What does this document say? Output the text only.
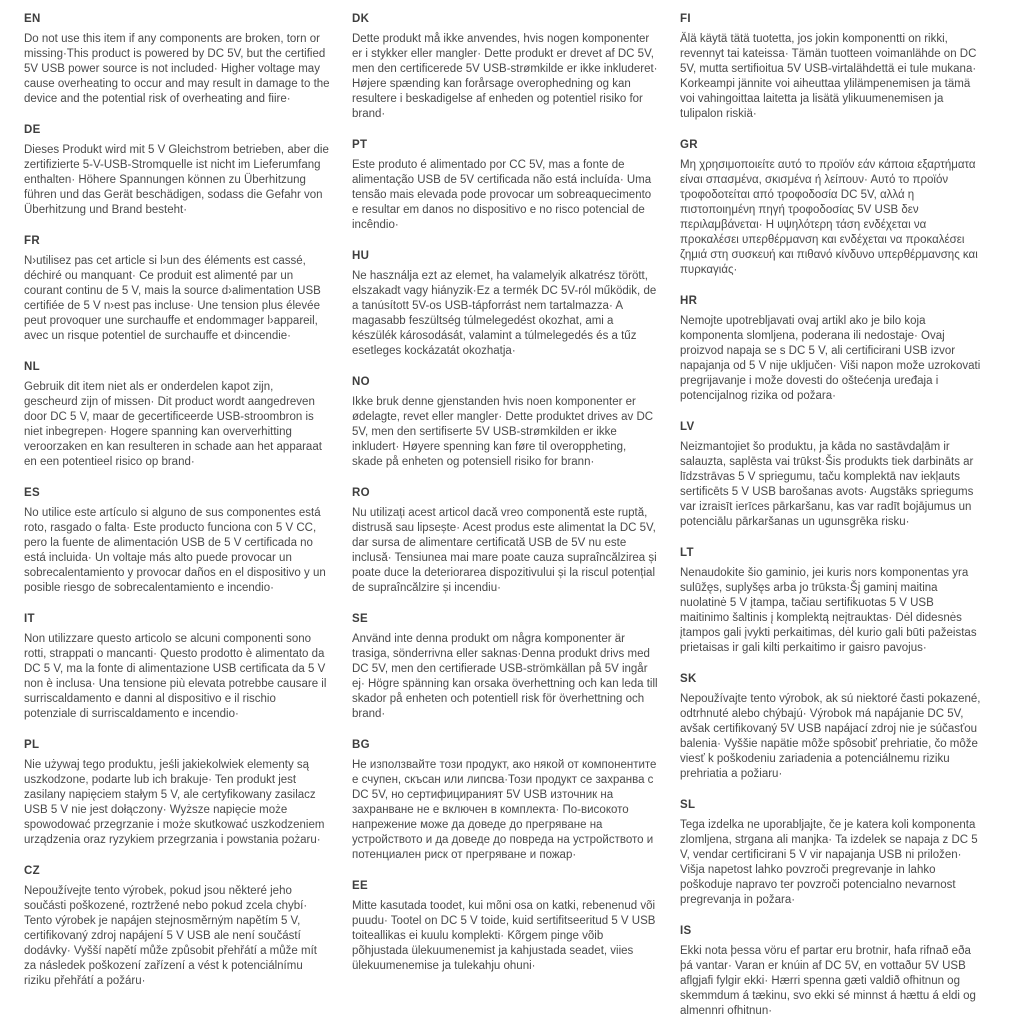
EN

Do not use this item if any components are broken, torn or missing·This product is powered by DC 5V, but the certified 5V USB power source is not included· Higher voltage may cause overheating to occur and may result in damage to the device and the potential risk of overheating and fiire·

DE

Dieses Produkt wird mit 5 V Gleichstrom betrieben, aber die zertifizierte 5-V-USB-Stromquelle ist nicht im Lieferumfang enthalten· Höhere Spannungen können zu Überhitzung führen und das Gerät beschädigen, sodass die Gefahr von Überhitzung und Brand besteht·

FR

N›utilisez pas cet article si l›un des éléments est cassé, déchiré ou manquant· Ce produit est alimenté par un courant continu de 5 V, mais la source d›alimentation USB certifiée de 5 V n›est pas incluse· Une tension plus élevée peut provoquer une surchauffe et endommager l›appareil, avec un risque potentiel de surchauffe et d›incendie·

NL

Gebruik dit item niet als er onderdelen kapot zijn, gescheurd zijn of missen· Dit product wordt aangedreven door DC 5 V, maar de gecertificeerde USB-stroombron is niet inbegrepen· Hogere spanning kan oververhitting veroorzaken en kan resulteren in schade aan het apparaat en een potentieel risico op brand·

ES

No utilice este artículo si alguno de sus componentes está roto, rasgado o falta· Este producto funciona con 5 V CC, pero la fuente de alimentación USB de 5 V certificada no está incluida· Un voltaje más alto puede provocar un sobrecalentamiento y provocar daños en el dispositivo y un posible riesgo de sobrecalentamiento e incendio·

IT

Non utilizzare questo articolo se alcuni componenti sono rotti, strappati o mancanti· Questo prodotto è alimentato da DC 5 V, ma la fonte di alimentazione USB certificata da 5 V non è inclusa· Una tensione più elevata potrebbe causare il surriscaldamento e danni al dispositivo e il rischio potenziale di surriscaldamento e incendio·

PL

Nie używaj tego produktu, jeśli jakiekolwiek elementy są uszkodzone, podarte lub ich brakuje· Ten produkt jest zasilany napięciem stałym 5 V, ale certyfikowany zasilacz USB 5 V nie jest dołączony· Wyższe napięcie może spowodować przegrzanie i może skutkować uszkodzeniem urządzenia oraz ryzykiem przegrzania i powstania pożaru·

CZ

Nepoužívejte tento výrobek, pokud jsou některé jeho součásti poškozené, roztržené nebo pokud zcela chybí· Tento výrobek je napájen stejnosměrným napětím 5 V, certifikovaný zdroj napájení 5 V USB ale není součástí dodávky· Vyšší napětí může způsobit přehřátí a může mít za následek poškození zařízení a vést k potenciálnímu riziku přehřátí a požáru·

DK

Dette produkt må ikke anvendes, hvis nogen komponenter er i stykker eller mangler· Dette produkt er drevet af DC 5V, men den certificerede 5V USB-strømkilde er ikke inkluderet· Højere spænding kan forårsage overophedning og kan resultere i beskadigelse af enheden og potentiel risiko for brand·

PT

Este produto é alimentado por CC 5V, mas a fonte de alimentação USB de 5V certificada não está incluída· Uma tensão mais elevada pode provocar um sobreaquecimento e resultar em danos no dispositivo e no risco potencial de incêndio·

HU

Ne használja ezt az elemet, ha valamelyik alkatrész törött, elszakadt vagy hiányzik·Ez a termék DC 5V-ról működik, de a tanúsított 5V-os USB-tápforrást nem tartalmazza· A magasabb feszültség túlmelegedést okozhat, ami a készülék károsodását, valamint a túlmelegedés és a tűz esetleges kockázatát okozhatja·

NO

Ikke bruk denne gjenstanden hvis noen komponenter er ødelagte, revet eller mangler· Dette produktet drives av DC 5V, men den sertifiserte 5V USB-strømkilden er ikke inkludert· Høyere spenning kan føre til overoppheting, skade på enheten og potensiell risiko for brann·

RO

Nu utilizați acest articol dacă vreo componentă este ruptă, distrusă sau lipsește· Acest produs este alimentat la DC 5V, dar sursa de alimentare certificată USB de 5V nu este inclusă· Tensiunea mai mare poate cauza supraîncălzirea și poate duce la deteriorarea dispozitivului și la riscul potențial de supraîncălzire și incendiu·

SE

Använd inte denna produkt om några komponenter är trasiga, sönderrivna eller saknas·Denna produkt drivs med DC 5V, men den certifierade USB-strömkällan på 5V ingår ej· Högre spänning kan orsaka överhettning och kan leda till skador på enheten och potentiell risk för överhettning och brand·

BG

Не използвайте този продукт, ако някой от компонентите е счупен, скъсан или липсва·Този продукт се захранва с DC 5V, но сертифицираният 5V USB източник на захранване не е включен в комплекта· По-високото напрежение може да доведе до прегряване на устройството и да доведе до повреда на устройството и потенциален риск от прегряване и пожар·

EE

Mitte kasutada toodet, kui mõni osa on katki, rebenenud või puudu· Tootel on DC 5 V toide, kuid sertifitseeritud 5 V USB toiteallikas ei kuulu komplekti· Kõrgem pinge võib põhjustada ülekuumenemist ja kahjustada seadet, viies ülekuumenemise ja tulekahju ohuni·

FI

Älä käytä tätä tuotetta, jos jokin komponentti on rikki, revennyt tai kateissa· Tämän tuotteen voimanlähde on DC 5V, mutta sertifioitua 5V USB-virtalähdettä ei tule mukana· Korkeampi jännite voi aiheuttaa ylilämpenemisen ja tämä voi vahingoittaa laitetta ja lisätä ylikuumenemisen ja tulipalon riskiä·

GR

Μη χρησιμοποιείτε αυτό το προϊόν εάν κάποια εξαρτήματα είναι σπασμένα, σκισμένα ή λείπουν· Αυτό το προϊόν τροφοδοτείται από τροφοδοσία DC 5V, αλλά η πιστοποιημένη πηγή τροφοδοσίας 5V USB δεν περιλαμβάνεται· Η υψηλότερη τάση ενδέχεται να προκαλέσει υπερθέρμανση και ενδέχεται να προκαλέσει ζημιά στη συσκευή και πιθανό κίνδυνο υπερθέρμανσης και πυρκαγιάς·

HR

Nemojte upotrebljavati ovaj artikl ako je bilo koja komponenta slomljena, poderana ili nedostaje· Ovaj proizvod napaja se s DC 5 V, ali certificirani USB izvor napajanja od 5 V nije uključen· Viši napon može uzrokovati pregrijavanje i može dovesti do oštećenja uređaja i potencijalnog rizika od požara·

LV

Neizmantojiet šo produktu, ja kāda no sastāvdaļām ir salauzta, saplēsta vai trūkst·Šis produkts tiek darbināts ar līdzstrāvas 5 V spriegumu, taču komplektā nav iekļauts sertificēts 5 V USB barošanas avots· Augstāks spriegums var izraisīt ierīces pārkaršanu, kas var radīt bojājumus un potenciālu pārkaršanas un ugunsgrēka risku·

LT

Nenaudokite šio gaminio, jei kuris nors komponentas yra sulūžęs, suplyšęs arba jo trūksta·Šį gaminį maitina nuolatinė 5 V įtampa, tačiau sertifikuotas 5 V USB maitinimo šaltinis į komplektą neįtrauktas· Dėl didesnės įtampos gali įvykti perkaitimas, dėl kurio gali būti pažeistas prietaisas ir gali kilti perkaitimo ir gaisro pavojus·

SK

Nepoužívajte tento výrobok, ak sú niektoré časti pokazené, odtrhnuté alebo chýbajú· Výrobok má napájanie DC 5V, avšak certifikovaný 5V USB napájací zdroj nie je súčasťou balenia· Vyššie napätie môže spôsobiť prehriatie, čo môže viesť k poškodeniu zariadenia a potenciálnemu riziku prehriatia a požiaru·

SL

Tega izdelka ne uporabljajte, če je katera koli komponenta zlomljena, strgana ali manjka· Ta izdelek se napaja z DC 5 V, vendar certificirani 5 V vir napajanja USB ni priložen· Višja napetost lahko povzroči pregrevanje in lahko poškoduje napravo ter povzroči potencialno nevarnost pregrevanja in požara·

IS

Ekki nota þessa vöru ef partar eru brotnir, hafa rifnað eða þá vantar· Varan er knúin af DC 5V, en vottaður 5V USB aflgjafi fylgir ekki· Hærri spenna gæti valdið ofhitnun og skemmdum á tækinu, svo ekki sé minnst á hættu á eldi og almennri ofhitnun·
